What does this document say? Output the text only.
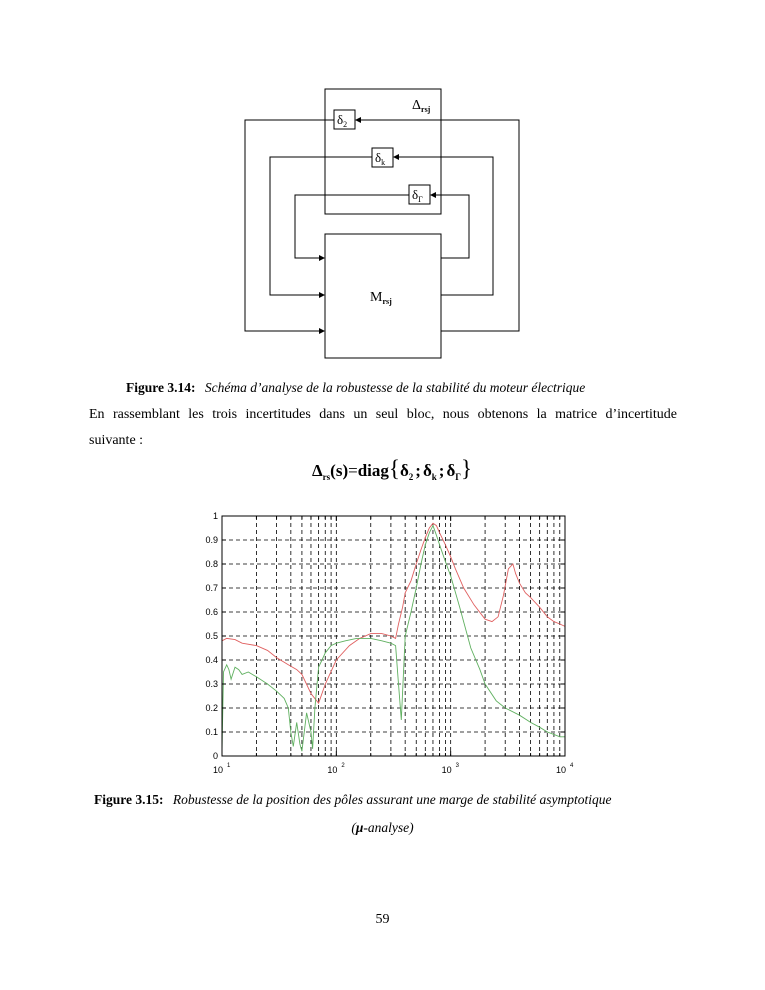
$\Delta_{rsj}$
$\delta_2$
$\delta_k$
$\delta_\Gamma$
$M_{rsj}$
Figure 3.14: Schéma d’analyse de la robustesse de la stabilité du moteur électrique
En rassemblant les trois incertitudes dans un seul bloc, nous obtenons la matrice d’incertitude
suivante :
$\Delta_{rs}(s)=diag\{\delta_2$ ; $\delta_k$ ; $\delta_\Gamma$}
0
0.1
0.2
0.3
0.4
0.5
0.6
0.7
0.8
0.9
1
10 1	10 2	10 3	10 4
Figure 3.15: Robustesse de la position des pôles assurant une marge de stabilité asymptotique
(μ-analyse)
59
